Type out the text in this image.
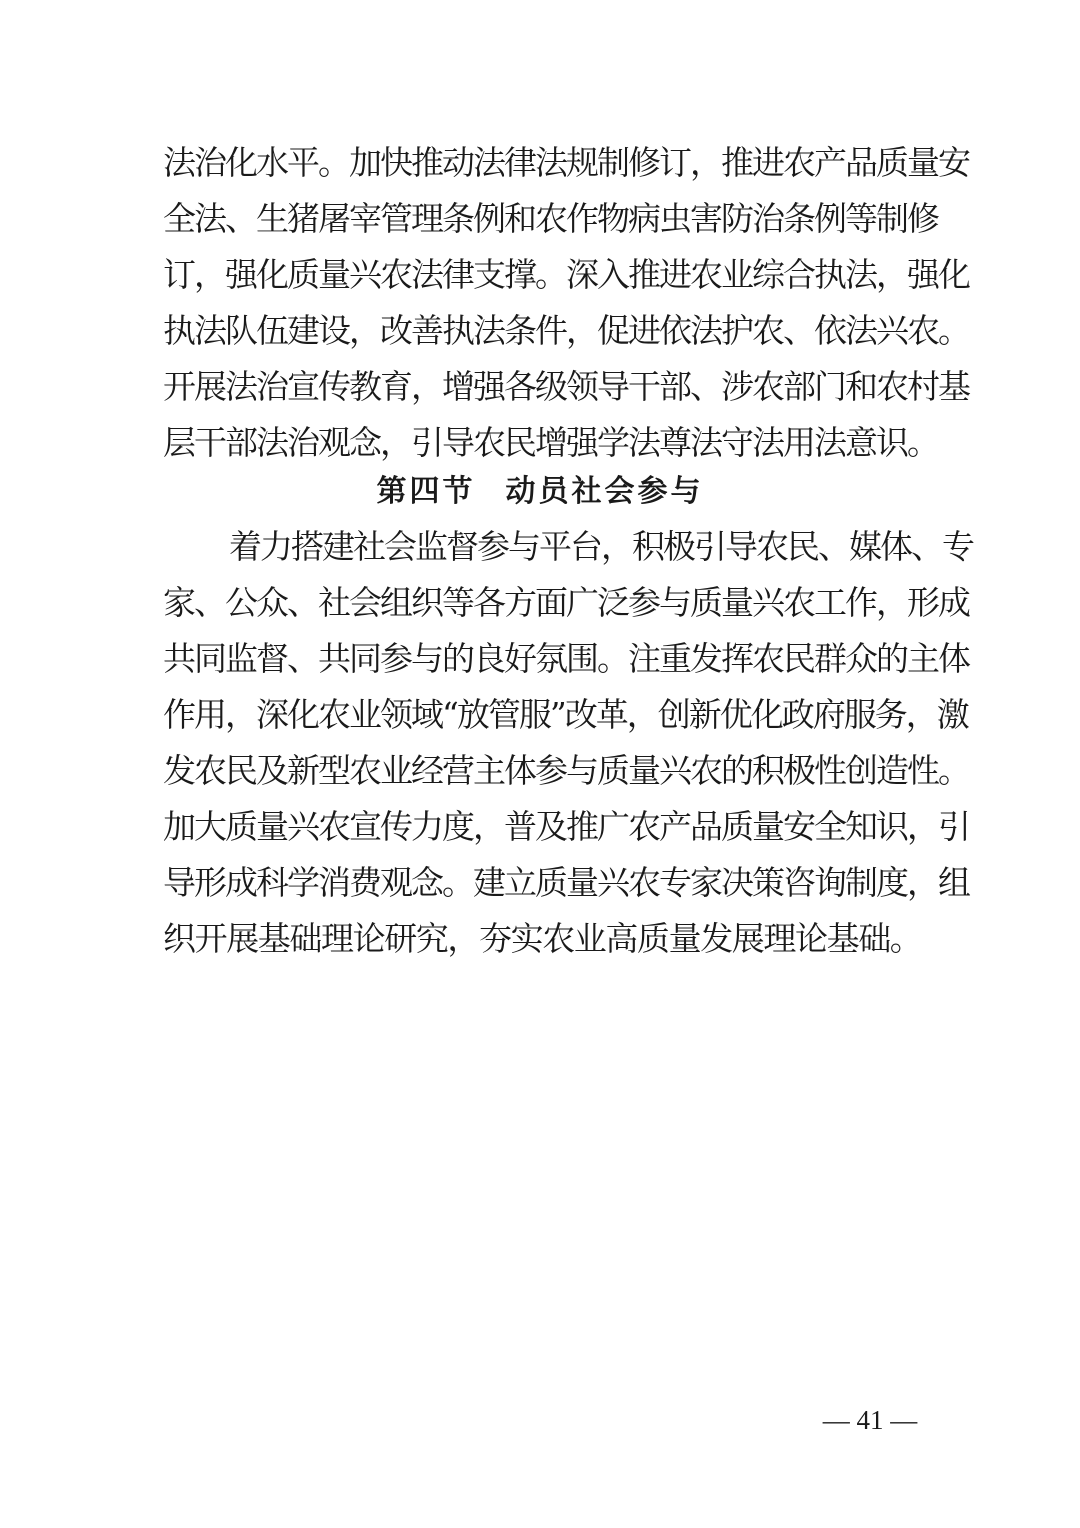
法治化水平。加快推动法律法规制修订，推进农产品质量安
全法、生猪屠宰管理条例和农作物病虫害防治条例等制修
订，强化质量兴农法律支撑。深入推进农业综合执法，强化
执法队伍建设，改善执法条件，促进依法护农、依法兴农。
开展法治宣传教育，增强各级领导干部、涉农部门和农村基
层干部法治观念，引导农民增强学法尊法守法用法意识。
第四节 动员社会参与
着力搭建社会监督参与平台，积极引导农民、媒体、专
家、公众、社会组织等各方面广泛参与质量兴农工作，形成
共同监督、共同参与的良好氛围。注重发挥农民群众的主体
作用，深化农业领域“放管服”改革，创新优化政府服务，激
发农民及新型农业经营主体参与质量兴农的积极性创造性。
加大质量兴农宣传力度，普及推广农产品质量安全知识，引
导形成科学消费观念。建立质量兴农专家决策咨询制度，组
织开展基础理论研究，夯实农业高质量发展理论基础。
— 41 —
